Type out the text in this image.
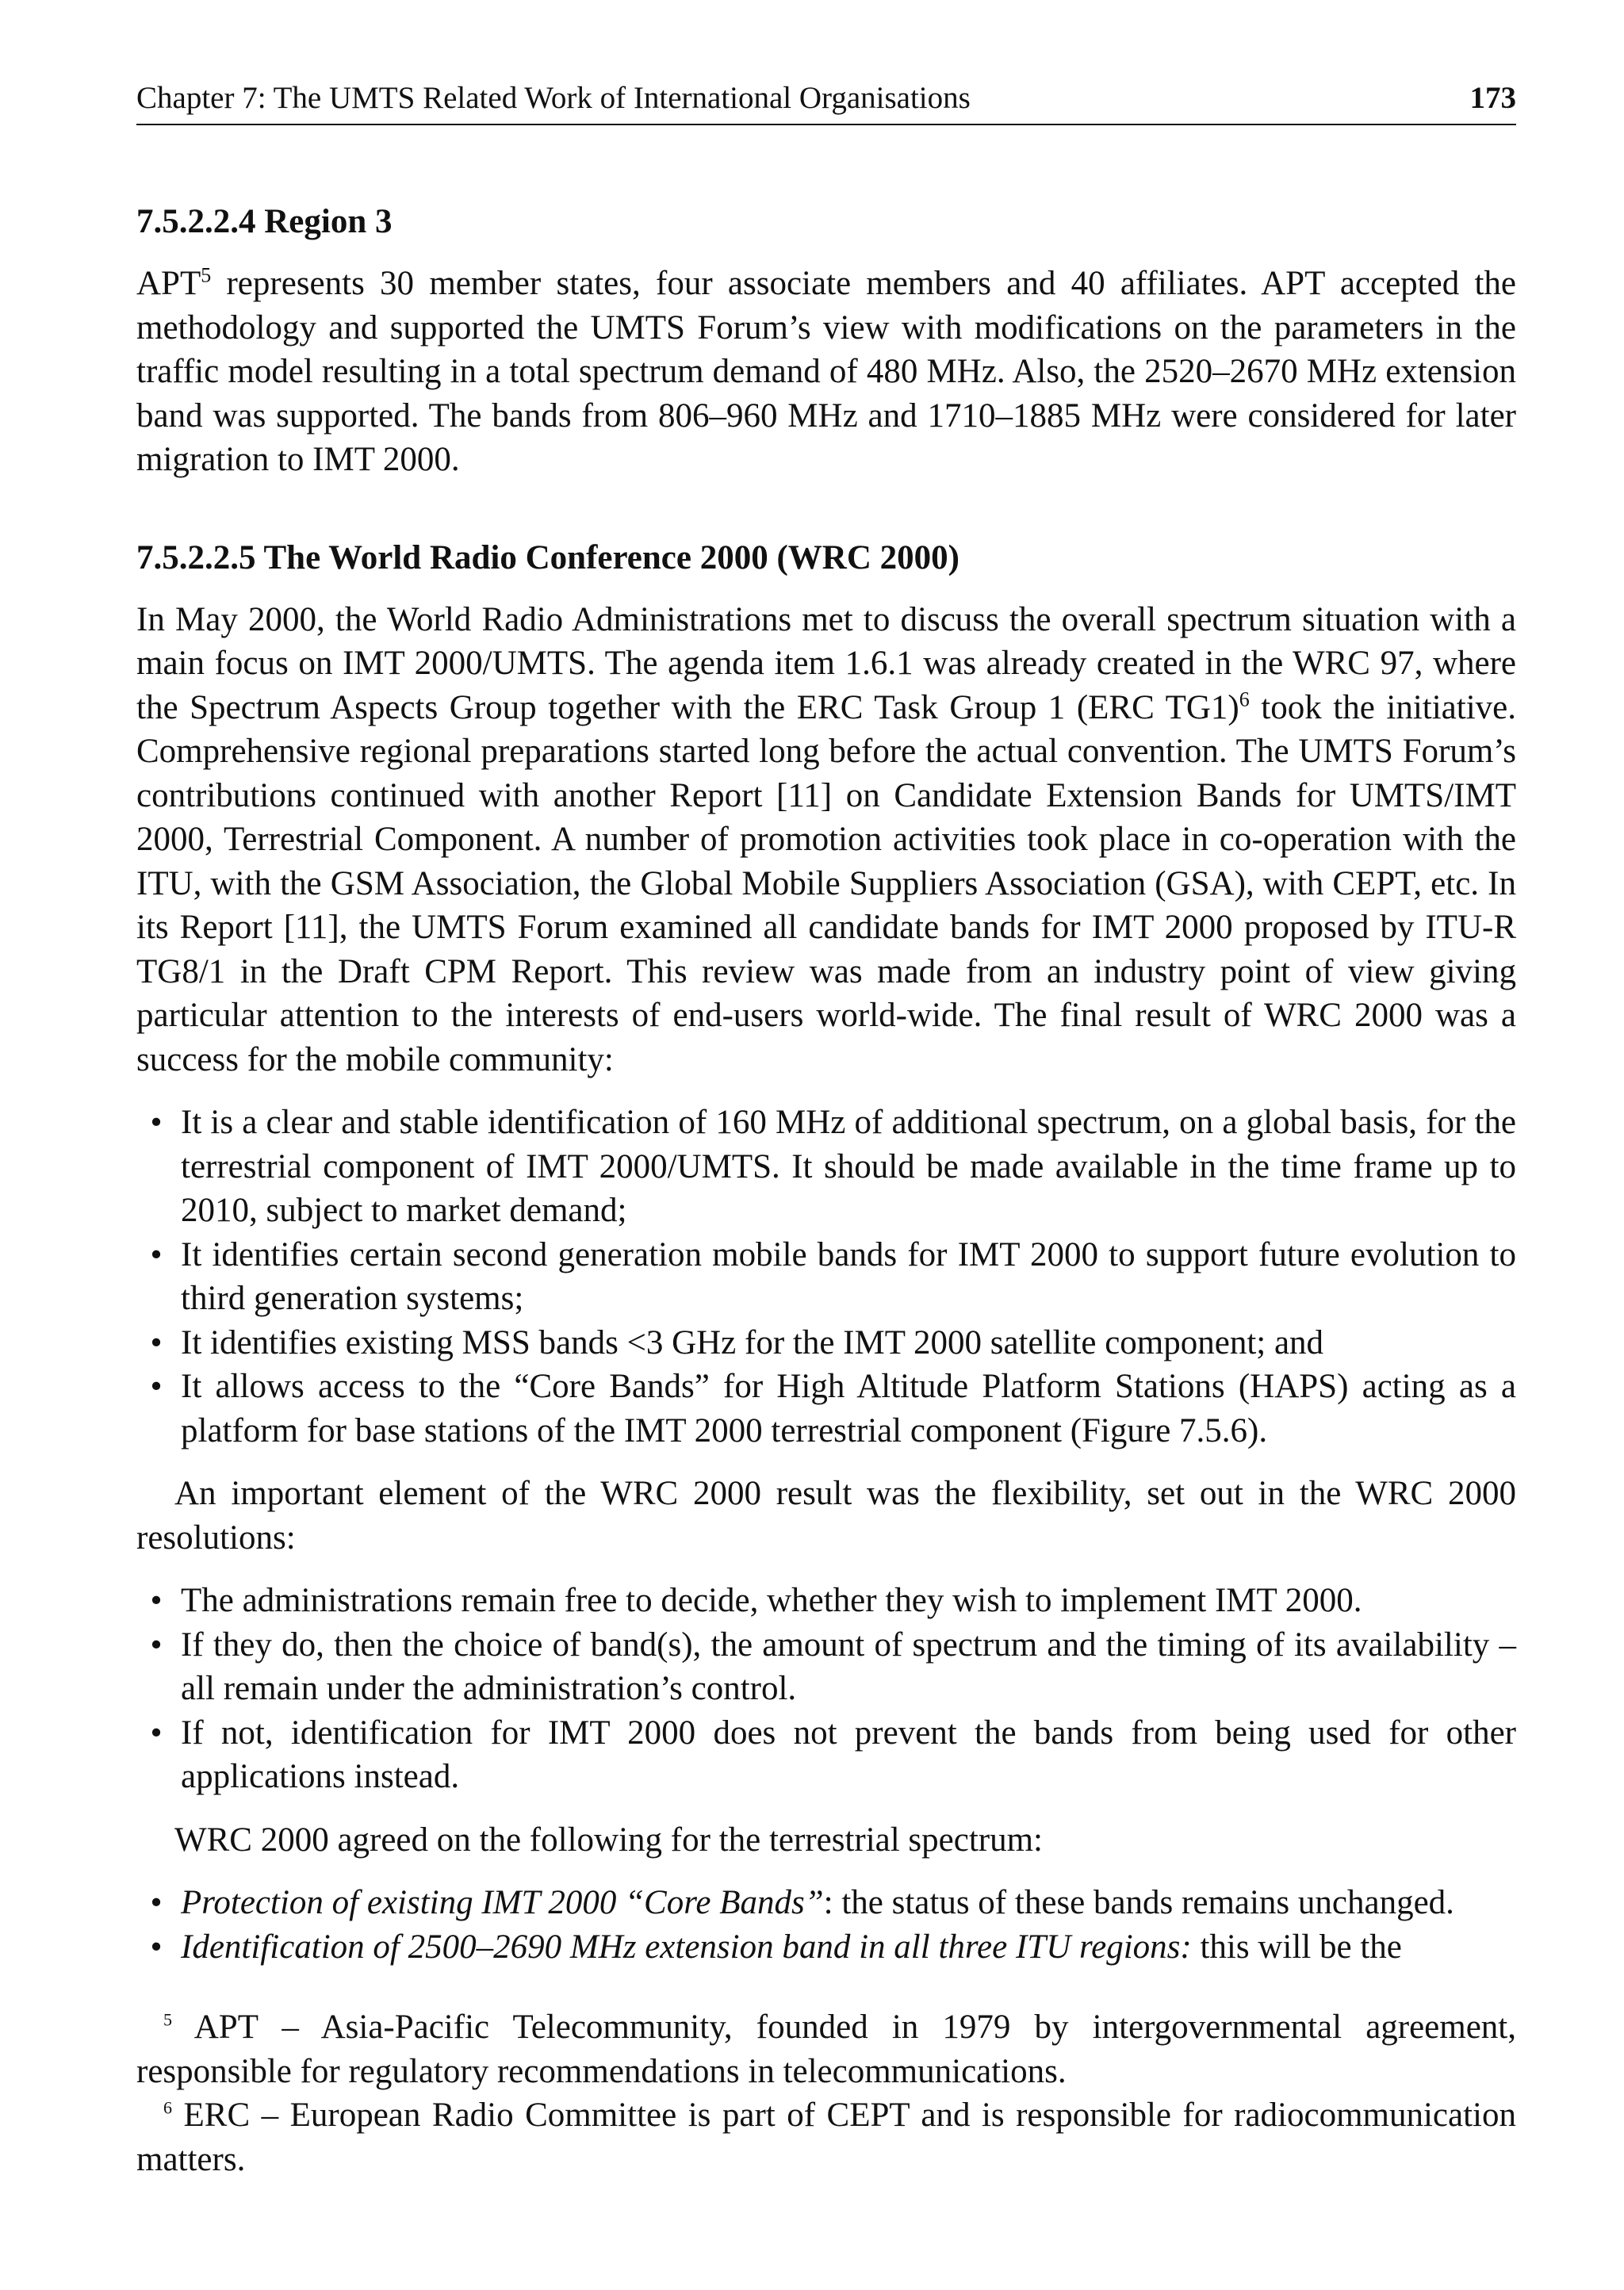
Chapter 7: The UMTS Related Work of International Organisations	173
7.5.2.2.4 Region 3

APT$^5$ represents 30 member states, four associate members and 40 affiliates. APT accepted the methodology and supported the UMTS Forum’s view with modifications on the parameters in the traffic model resulting in a total spectrum demand of 480 MHz. Also, the 2520–2670 MHz extension band was supported. The bands from 806–960 MHz and 1710–1885 MHz were considered for later migration to IMT 2000.

7.5.2.2.5 The World Radio Conference 2000 (WRC 2000)

In May 2000, the World Radio Administrations met to discuss the overall spectrum situation with a main focus on IMT 2000/UMTS. The agenda item 1.6.1 was already created in the WRC 97, where the Spectrum Aspects Group together with the ERC Task Group 1 (ERC TG1)$^6$ took the initiative. Comprehensive regional preparations started long before the actual convention. The UMTS Forum’s contributions continued with another Report [11] on Candidate Extension Bands for UMTS/IMT 2000, Terrestrial Component. A number of promotion activities took place in co-operation with the ITU, with the GSM Association, the Global Mobile Suppliers Association (GSA), with CEPT, etc. In its Report [11], the UMTS Forum examined all candidate bands for IMT 2000 proposed by ITU-R TG8/1 in the Draft CPM Report. This review was made from an industry point of view giving particular attention to the interests of end-users world-wide. The final result of WRC 2000 was a success for the mobile community:

• It is a clear and stable identification of 160 MHz of additional spectrum, on a global basis, for the terrestrial component of IMT 2000/UMTS. It should be made available in the time frame up to 2010, subject to market demand;
• It identifies certain second generation mobile bands for IMT 2000 to support future evolution to third generation systems;
• It identifies existing MSS bands <3 GHz for the IMT 2000 satellite component; and
• It allows access to the “Core Bands” for High Altitude Platform Stations (HAPS) acting as a platform for base stations of the IMT 2000 terrestrial component (Figure 7.5.6).

An important element of the WRC 2000 result was the flexibility, set out in the WRC 2000 resolutions:

• The administrations remain free to decide, whether they wish to implement IMT 2000.
• If they do, then the choice of band(s), the amount of spectrum and the timing of its availability – all remain under the administration’s control.
• If not, identification for IMT 2000 does not prevent the bands from being used for other applications instead.

WRC 2000 agreed on the following for the terrestrial spectrum:

• Protection of existing IMT 2000 “Core Bands”: the status of these bands remains unchanged.
• Identification of 2500–2690 MHz extension band in all three ITU regions: this will be the

$^5$ APT – Asia-Pacific Telecommunity, founded in 1979 by intergovernmental agreement, responsible for regulatory recommendations in telecommunications.

$^6$ ERC – European Radio Committee is part of CEPT and is responsible for radiocommunication matters.
